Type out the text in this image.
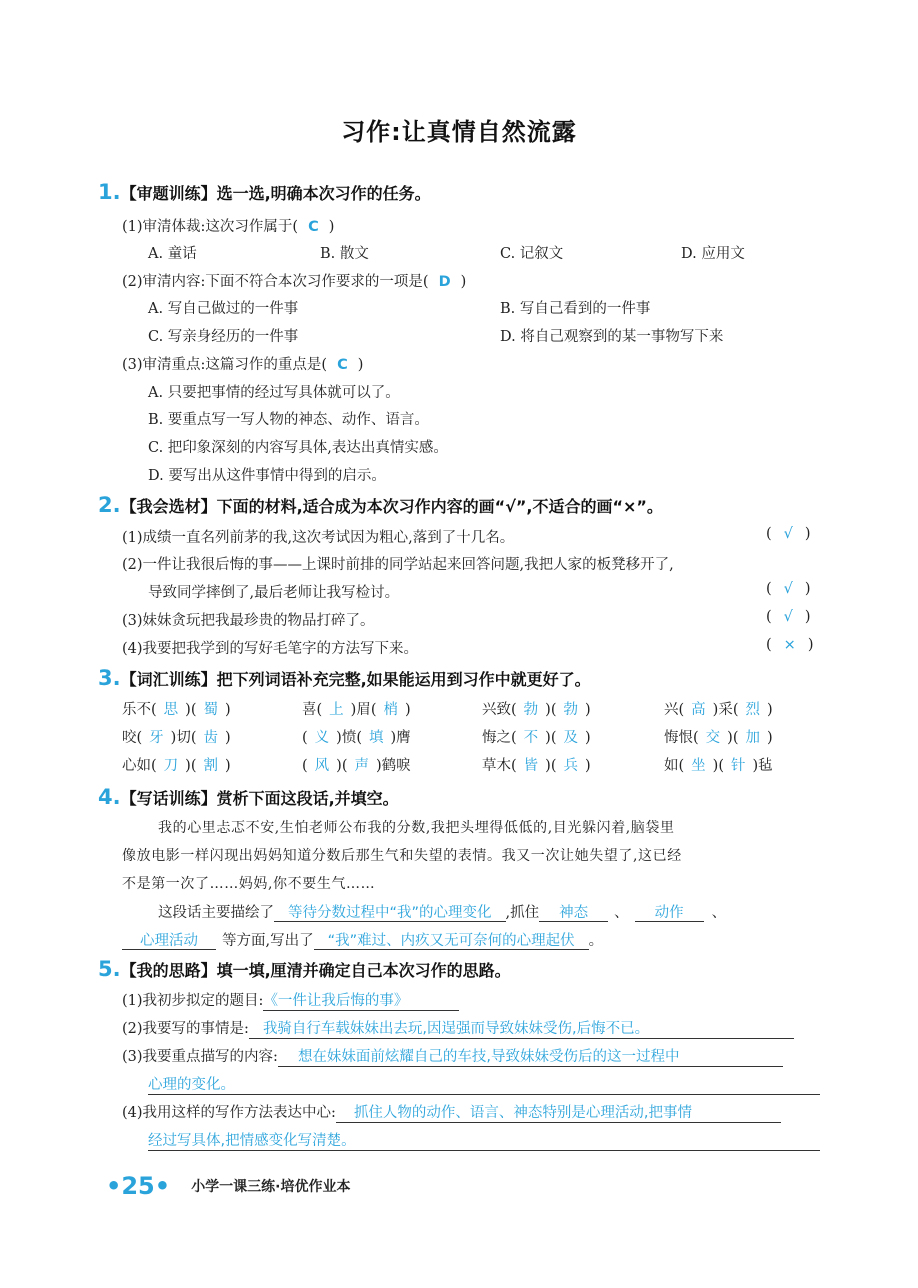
习作:让真情自然流露
1.【审题训练】选一选,明确本次习作的任务。
(1)审清体裁:这次习作属于( C )
A. 童话	B. 散文	C. 记叙文	D. 应用文
(2)审清内容:下面不符合本次习作要求的一项是( D )
A. 写自己做过的一件事	B. 写自己看到的一件事
C. 写亲身经历的一件事	D. 将自己观察到的某一事物写下来
(3)审清重点:这篇习作的重点是( C )
A. 只要把事情的经过写具体就可以了。
B. 要重点写一写人物的神态、动作、语言。
C. 把印象深刻的内容写具体,表达出真情实感。
D. 要写出从这件事情中得到的启示。
2.【我会选材】下面的材料,适合成为本次习作内容的画“√”,不适合的画“×”。
(1)成绩一直名列前茅的我,这次考试因为粗心,落到了十几名。	( √ )
(2)一件让我很后悔的事——上课时前排的同学站起来回答问题,我把人家的板凳移开了,
导致同学摔倒了,最后老师让我写检讨。	( √ )
(3)妹妹贪玩把我最珍贵的物品打碎了。	( √ )
(4)我要把我学到的写好毛笔字的方法写下来。	( × )
3.【词汇训练】把下列词语补充完整,如果能运用到习作中就更好了。
乐不( 思 )( 蜀 )	喜( 上 )眉( 梢 )	兴致( 勃 )( 勃 )	兴( 高 )采( 烈 )
咬( 牙 )切( 齿 )	( 义 )愤( 填 )膺	悔之( 不 )( 及 )	悔恨( 交 )( 加 )
心如( 刀 )( 割 )	( 风 )( 声 )鹤唳	草木( 皆 )( 兵 )	如( 坐 )( 针 )毡
4.【写话训练】赏析下面这段话,并填空。
我的心里忐忑不安,生怕老师公布我的分数,我把头埋得低低的,目光躲闪着,脑袋里
像放电影一样闪现出妈妈知道分数后那生气和失望的表情。我又一次让她失望了,这已经
不是第一次了……妈妈,你不要生气……
这段话主要描绘了 等待分数过程中“我”的心理变化 ,抓住 神态 、 动作 、
心理活动 等方面,写出了 “我”难过、内疚又无可奈何的心理起伏 。
5.【我的思路】填一填,厘清并确定自己本次习作的思路。
(1)我初步拟定的题目:《一件让我后悔的事》
(2)我要写的事情是: 我骑自行车载妹妹出去玩,因逞强而导致妹妹受伤,后悔不已。
(3)我要重点描写的内容: 想在妹妹面前炫耀自己的车技,导致妹妹受伤后的这一过程中
心理的变化。
(4)我用这样的写作方法表达中心: 抓住人物的动作、语言、神态特别是心理活动,把事情
经过写具体,把情感变化写清楚。
•25• 小学一课三练·培优作业本
